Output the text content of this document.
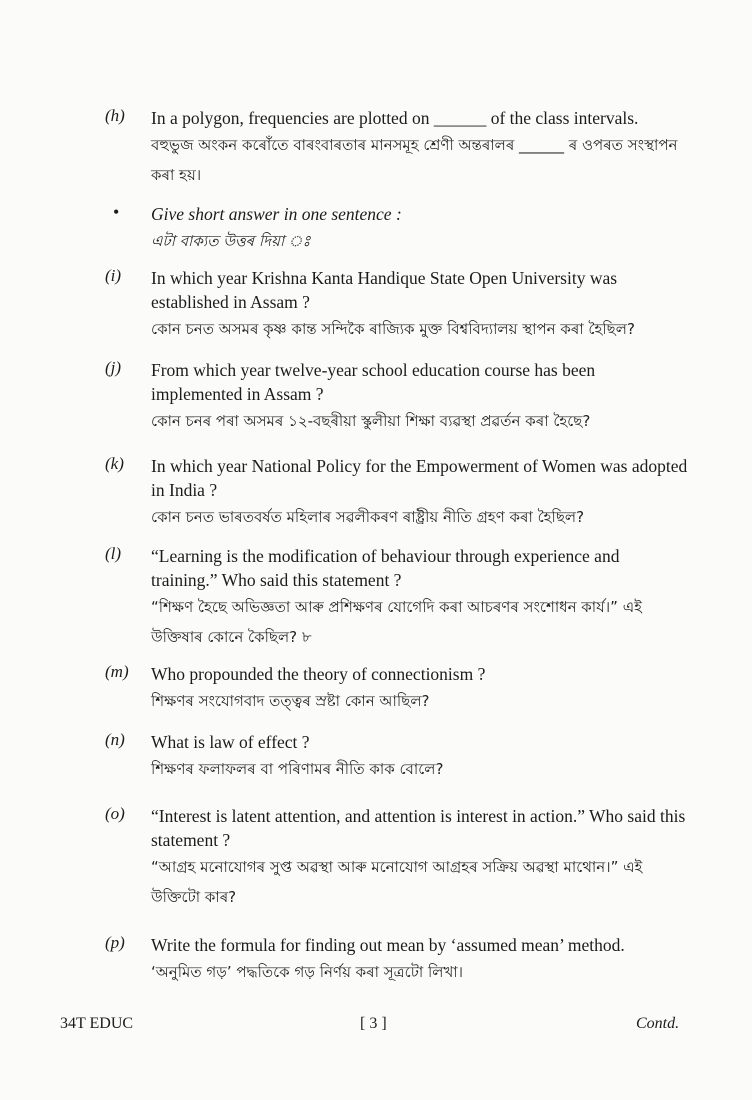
(h)	In a polygon, frequencies are plotted on ______ of the class intervals.
বহুভুজ অংকন কৰোঁতে বাৰংবাৰতাৰ মানসমূহ শ্ৰেণী অন্তৰালৰ ______ ৰ ওপৰত সংস্থাপন কৰা হয়।
• Give short answer in one sentence :
এটা বাক্যত উত্তৰ দিয়া ঃ
(i)	In which year Krishna Kanta Handique State Open University was established in Assam ?
কোন চনত অসমৰ কৃষ্ণ কান্ত সন্দিকৈ ৰাজ্যিক মুক্ত বিশ্ববিদ্যালয় স্থাপন কৰা হৈছিল?
(j)	From which year twelve-year school education course has been implemented in Assam ?
কোন চনৰ পৰা অসমৰ ১২-বছৰীয়া স্কুলীয়া শিক্ষা ব্যৱস্থা প্ৰৱৰ্তন কৰা হৈছে?
(k)	In which year National Policy for the Empowerment of Women was adopted in India ?
কোন চনত ভাৰতবৰ্ষত মহিলাৰ সৱলীকৰণ ৰাষ্ট্ৰীয় নীতি গ্ৰহণ কৰা হৈছিল?
(l)	“Learning is the modification of behaviour through experience and training.” Who said this statement ?
“শিক্ষণ হৈছে অভিজ্ঞতা আৰু প্ৰশিক্ষণৰ যোগেদি কৰা আচৰণৰ সংশোধন কাৰ্য।” এই উক্তিষাৰ কোনে কৈছিল? ৮
(m)	Who propounded the theory of connectionism ?
শিক্ষণৰ সংযোগবাদ তত্ত্বৰ স্ৰষ্টা কোন আছিল?
(n)	What is law of effect ?
শিক্ষণৰ ফলাফলৰ বা পৰিণামৰ নীতি কাক বোলে?
(o)	“Interest is latent attention, and attention is interest in action.” Who said this statement ?
“আগ্ৰহ মনোযোগৰ সুপ্ত অৱস্থা আৰু মনোযোগ আগ্ৰহৰ সক্ৰিয় অৱস্থা মাথোন।” এই উক্তিটো কাৰ?
(p)	Write the formula for finding out mean by ‘assumed mean’ method.
‘অনুমিত গড়’ পদ্ধতিকে গড় নিৰ্ণয় কৰা সূত্ৰটো লিখা।
34T EDUC	[ 3 ]	Contd.
